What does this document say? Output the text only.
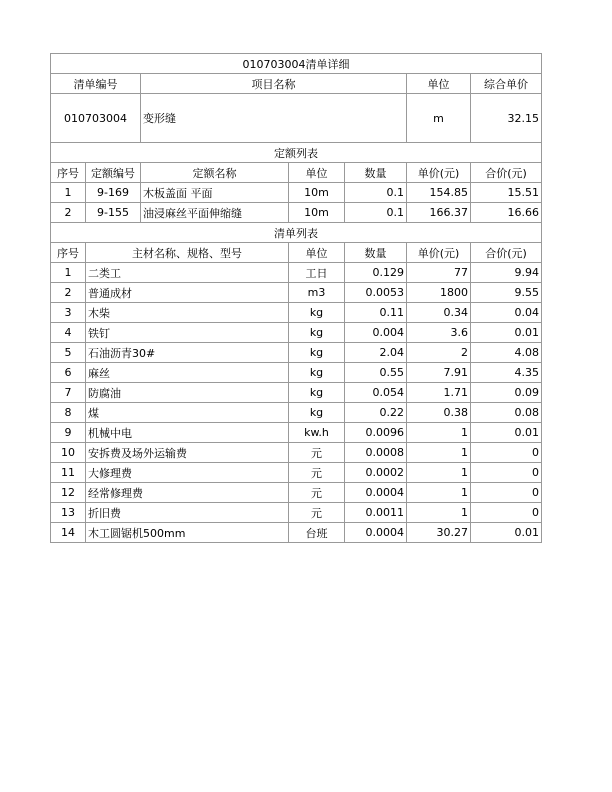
010703004清单详细						
清单编号		项目名称			单位	综合单价
010703004		变形缝			m	32.15
定额列表						
序号	定额编号	定额名称	单位	数量	单价(元)	合价(元)
1	9-169	木板盖面 平面	10m	0.1	154.85	15.51
2	9-155	油浸麻丝平面伸缩缝	10m	0.1	166.37	16.66
清单列表						
序号	主材名称、规格、型号		单位	数量	单价(元)	合价(元)
1	二类工		工日	0.129	77	9.94
2	普通成材		m3	0.0053	1800	9.55
3	木柴		kg	0.11	0.34	0.04
4	铁钉		kg	0.004	3.6	0.01
5	石油沥青30#		kg	2.04	2	4.08
6	麻丝		kg	0.55	7.91	4.35
7	防腐油		kg	0.054	1.71	0.09
8	煤		kg	0.22	0.38	0.08
9	机械中电		kw.h	0.0096	1	0.01
10	安拆费及场外运输费		元	0.0008	1	0
11	大修理费		元	0.0002	1	0
12	经常修理费		元	0.0004	1	0
13	折旧费		元	0.0011	1	0
14	木工圆锯机500mm		台班	0.0004	30.27	0.01
